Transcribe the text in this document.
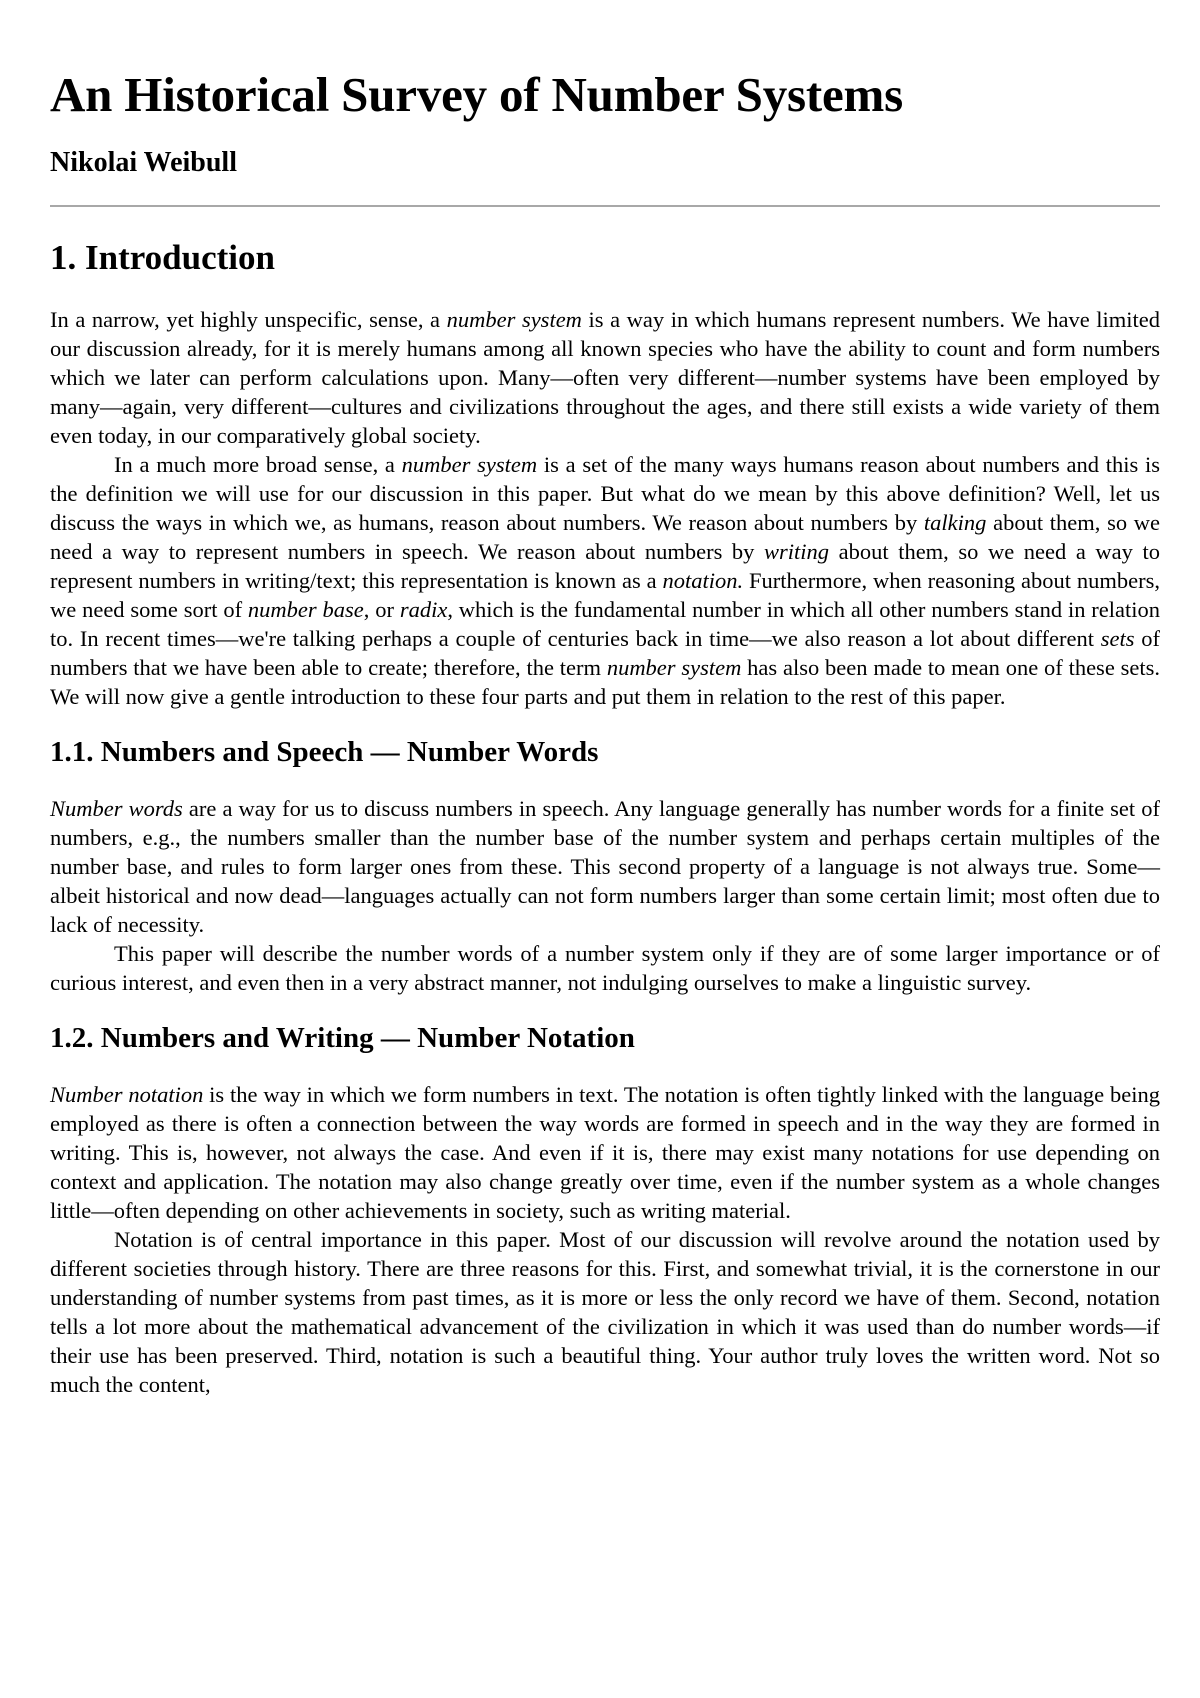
An Historical Survey of Number Systems
Nikolai Weibull
1. Introduction

In a narrow, yet highly unspecific, sense, a number system is a way in which humans represent numbers. We have limited our discussion already, for it is merely humans among all known species who have the ability to count and form numbers which we later can perform calculations upon. Many—often very different—number systems have been employed by many—again, very different—cultures and civilizations throughout the ages, and there still exists a wide variety of them even today, in our comparatively global society.

In a much more broad sense, a number system is a set of the many ways humans reason about numbers and this is the definition we will use for our discussion in this paper. But what do we mean by this above definition? Well, let us discuss the ways in which we, as humans, reason about numbers. We reason about numbers by talking about them, so we need a way to represent numbers in speech. We reason about numbers by writing about them, so we need a way to represent numbers in writing/text; this representation is known as a notation. Furthermore, when reasoning about numbers, we need some sort of number base, or radix, which is the fundamental number in which all other numbers stand in relation to. In recent times—we're talking perhaps a couple of centuries back in time—we also reason a lot about different sets of numbers that we have been able to create; therefore, the term number system has also been made to mean one of these sets. We will now give a gentle introduction to these four parts and put them in relation to the rest of this paper.

1.1. Numbers and Speech — Number Words

Number words are a way for us to discuss numbers in speech. Any language generally has number words for a finite set of numbers, e.g., the numbers smaller than the number base of the number system and perhaps certain multiples of the number base, and rules to form larger ones from these. This second property of a language is not always true. Some—albeit historical and now dead—languages actually can not form numbers larger than some certain limit; most often due to lack of necessity.

This paper will describe the number words of a number system only if they are of some larger importance or of curious interest, and even then in a very abstract manner, not indulging ourselves to make a linguistic survey.

1.2. Numbers and Writing — Number Notation

Number notation is the way in which we form numbers in text. The notation is often tightly linked with the language being employed as there is often a connection between the way words are formed in speech and in the way they are formed in writing. This is, however, not always the case. And even if it is, there may exist many notations for use depending on context and application. The notation may also change greatly over time, even if the number system as a whole changes little—often depending on other achievements in society, such as writing material.

Notation is of central importance in this paper. Most of our discussion will revolve around the notation used by different societies through history. There are three reasons for this. First, and somewhat trivial, it is the cornerstone in our understanding of number systems from past times, as it is more or less the only record we have of them. Second, notation tells a lot more about the mathematical advancement of the civilization in which it was used than do number words—if their use has been preserved. Third, notation is such a beautiful thing. Your author truly loves the written word. Not so much the content,
